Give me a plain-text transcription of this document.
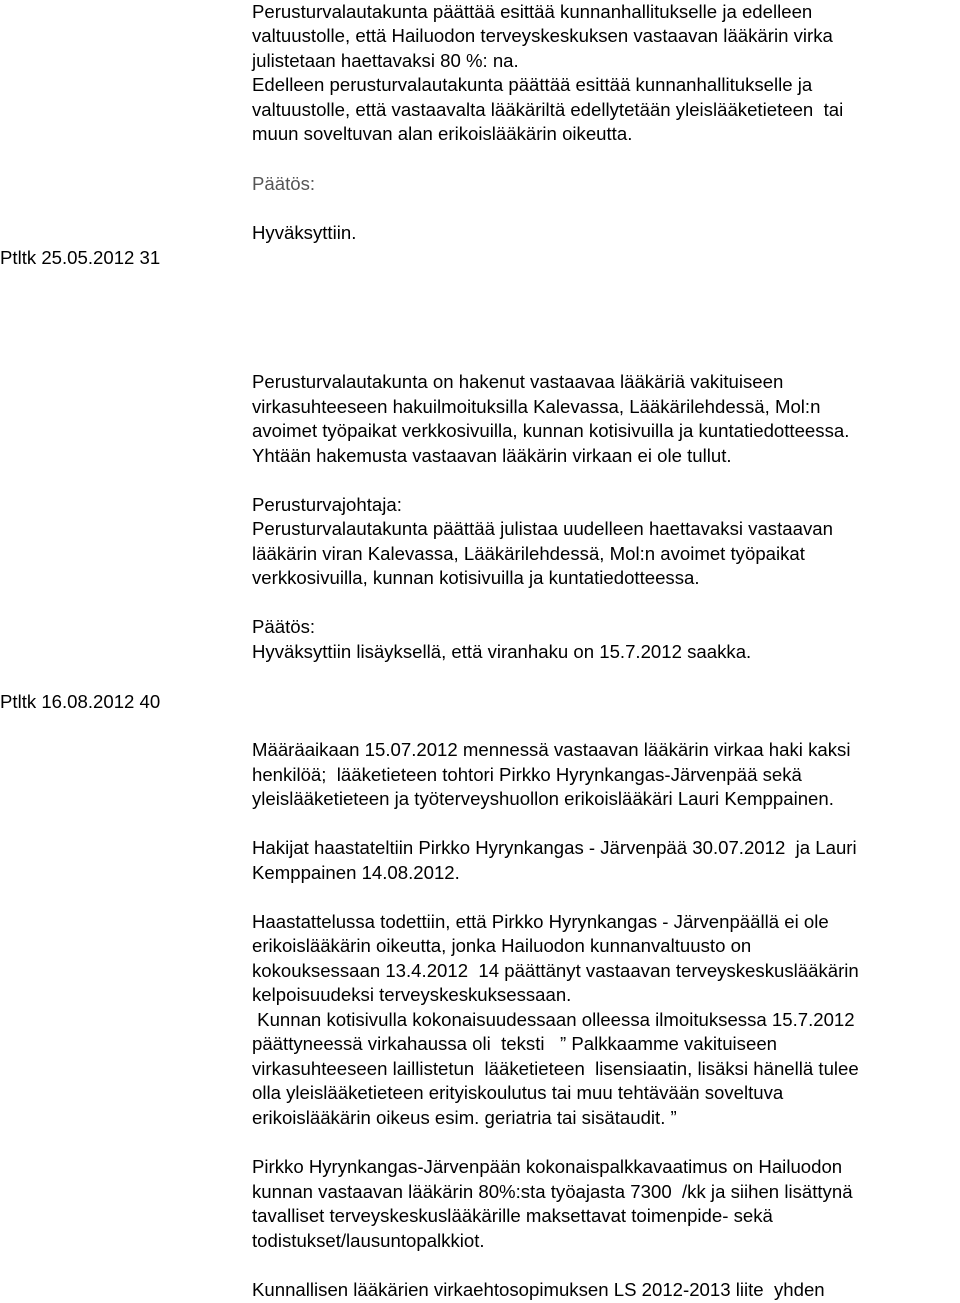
Perusturvalautakunta päättää esittää kunnanhallitukselle ja edelleen

valtuustolle, että Hailuodon terveyskeskuksen vastaavan lääkärin virka

julistetaan haettavaksi 80 %: na.

Edelleen perusturvalautakunta päättää esittää kunnanhallitukselle ja

valtuustolle, että vastaavalta lääkäriltä edellytetään yleislääketieteen  tai

muun soveltuvan alan erikoislääkärin oikeutta.

Päätös:

Hyväksyttiin.

Ptltk 25.05.2012 31

Ptltk 16.08.2012 40

Perusturvalautakunta on hakenut vastaavaa lääkäriä vakituiseen

virkasuhteeseen hakuilmoituksilla Kalevassa, Lääkärilehdessä, Mol:n

avoimet työpaikat verkkosivuilla, kunnan kotisivuilla ja kuntatiedotteessa.

Yhtään hakemusta vastaavan lääkärin virkaan ei ole tullut.

Perusturvajohtaja:

Perusturvalautakunta päättää julistaa uudelleen haettavaksi vastaavan

lääkärin viran Kalevassa, Lääkärilehdessä, Mol:n avoimet työpaikat

verkkosivuilla, kunnan kotisivuilla ja kuntatiedotteessa.

Päätös:

Hyväksyttiin lisäyksellä, että viranhaku on 15.7.2012 saakka.

Määräaikaan 15.07.2012 mennessä vastaavan lääkärin virkaa haki kaksi

henkilöä;  lääketieteen tohtori Pirkko Hyrynkangas-Järvenpää sekä

yleislääketieteen ja työterveyshuollon erikoislääkäri Lauri Kemppainen.

Hakijat haastateltiin Pirkko Hyrynkangas - Järvenpää 30.07.2012  ja Lauri

Kemppainen 14.08.2012.

Haastattelussa todettiin, että Pirkko Hyrynkangas - Järvenpäällä ei ole

erikoislääkärin oikeutta, jonka Hailuodon kunnanvaltuusto on

kokouksessaan 13.4.2012  14 päättänyt vastaavan terveyskeskuslääkärin

kelpoisuudeksi terveyskeskuksessaan.

Kunnan kotisivulla kokonaisuudessaan olleessa ilmoituksessa 15.7.2012

päättyneessä virkahaussa oli  teksti   ” Palkkaamme vakituiseen

virkasuhteeseen laillistetun  lääketieteen  lisensiaatin, lisäksi hänellä tulee

olla yleislääketieteen erityiskoulutus tai muu tehtävään soveltuva

erikoislääkärin oikeus esim. geriatria tai sisätaudit. ”

Pirkko Hyrynkangas-Järvenpään kokonaispalkkavaatimus on Hailuodon

kunnan vastaavan lääkärin 80%:sta työajasta 7300  /kk ja siihen lisättynä

tavalliset terveyskeskuslääkärille maksettavat toimenpide- sekä

todistukset/lausuntopalkkiot.

Kunnallisen lääkärien virkaehtosopimuksen LS 2012-2013 liite  yhden
